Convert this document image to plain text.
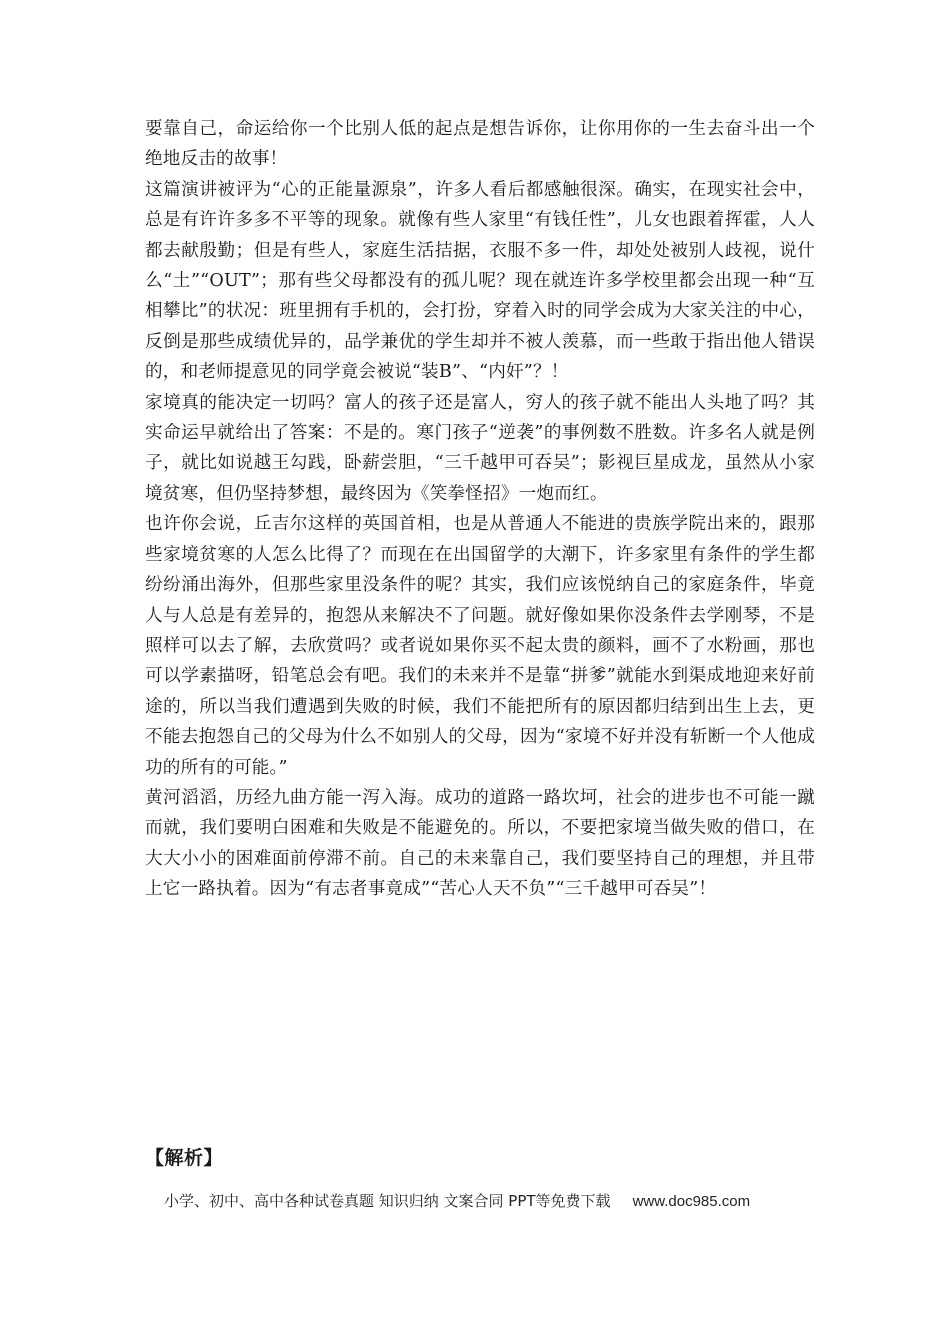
要靠自己，命运给你一个比别人低的起点是想告诉你，让你用你的一生去奋斗出一个绝地反击的故事！

这篇演讲被评为“心的正能量源泉”，许多人看后都感触很深。确实，在现实社会中，总是有许许多多不平等的现象。就像有些人家里“有钱任性”，儿女也跟着挥霍，人人都去献殷勤；但是有些人，家庭生活拮据，衣服不多一件，却处处被别人歧视，说什么“土”“OUT”；那有些父母都没有的孤儿呢？现在就连许多学校里都会出现一种“互相攀比”的状况：班里拥有手机的，会打扮，穿着入时的同学会成为大家关注的中心，反倒是那些成绩优异的，品学兼优的学生却并不被人羡慕，而一些敢于指出他人错误的，和老师提意见的同学竟会被说“装B”、“内奸”？！

家境真的能决定一切吗？富人的孩子还是富人，穷人的孩子就不能出人头地了吗？其实命运早就给出了答案：不是的。寒门孩子“逆袭”的事例数不胜数。许多名人就是例子，就比如说越王勾践，卧薪尝胆，“三千越甲可吞吴”；影视巨星成龙，虽然从小家境贫寒，但仍坚持梦想，最终因为《笑拳怪招》一炮而红。

也许你会说，丘吉尔这样的英国首相，也是从普通人不能进的贵族学院出来的，跟那些家境贫寒的人怎么比得了？而现在在出国留学的大潮下，许多家里有条件的学生都纷纷涌出海外，但那些家里没条件的呢？其实，我们应该悦纳自己的家庭条件，毕竟人与人总是有差异的，抱怨从来解决不了问题。就好像如果你没条件去学刚琴，不是照样可以去了解，去欣赏吗？或者说如果你买不起太贵的颜料，画不了水粉画，那也可以学素描呀，铅笔总会有吧。我们的未来并不是靠“拼爹”就能水到渠成地迎来好前途的，所以当我们遭遇到失败的时候，我们不能把所有的原因都归结到出生上去，更不能去抱怨自己的父母为什么不如别人的父母，因为“家境不好并没有斩断一个人他成功的所有的可能。”

黄河滔滔，历经九曲方能一泻入海。成功的道路一路坎坷，社会的进步也不可能一蹴而就，我们要明白困难和失败是不能避免的。所以，不要把家境当做失败的借口，在大大小小的困难面前停滞不前。自己的未来靠自己，我们要坚持自己的理想，并且带上它一路执着。因为“有志者事竟成”“苦心人天不负”“三千越甲可吞吴”！

【解析】
小学、初中、高中各种试卷真题 知识归纳 文案合同 PPT等免费下载 www.doc985.com
